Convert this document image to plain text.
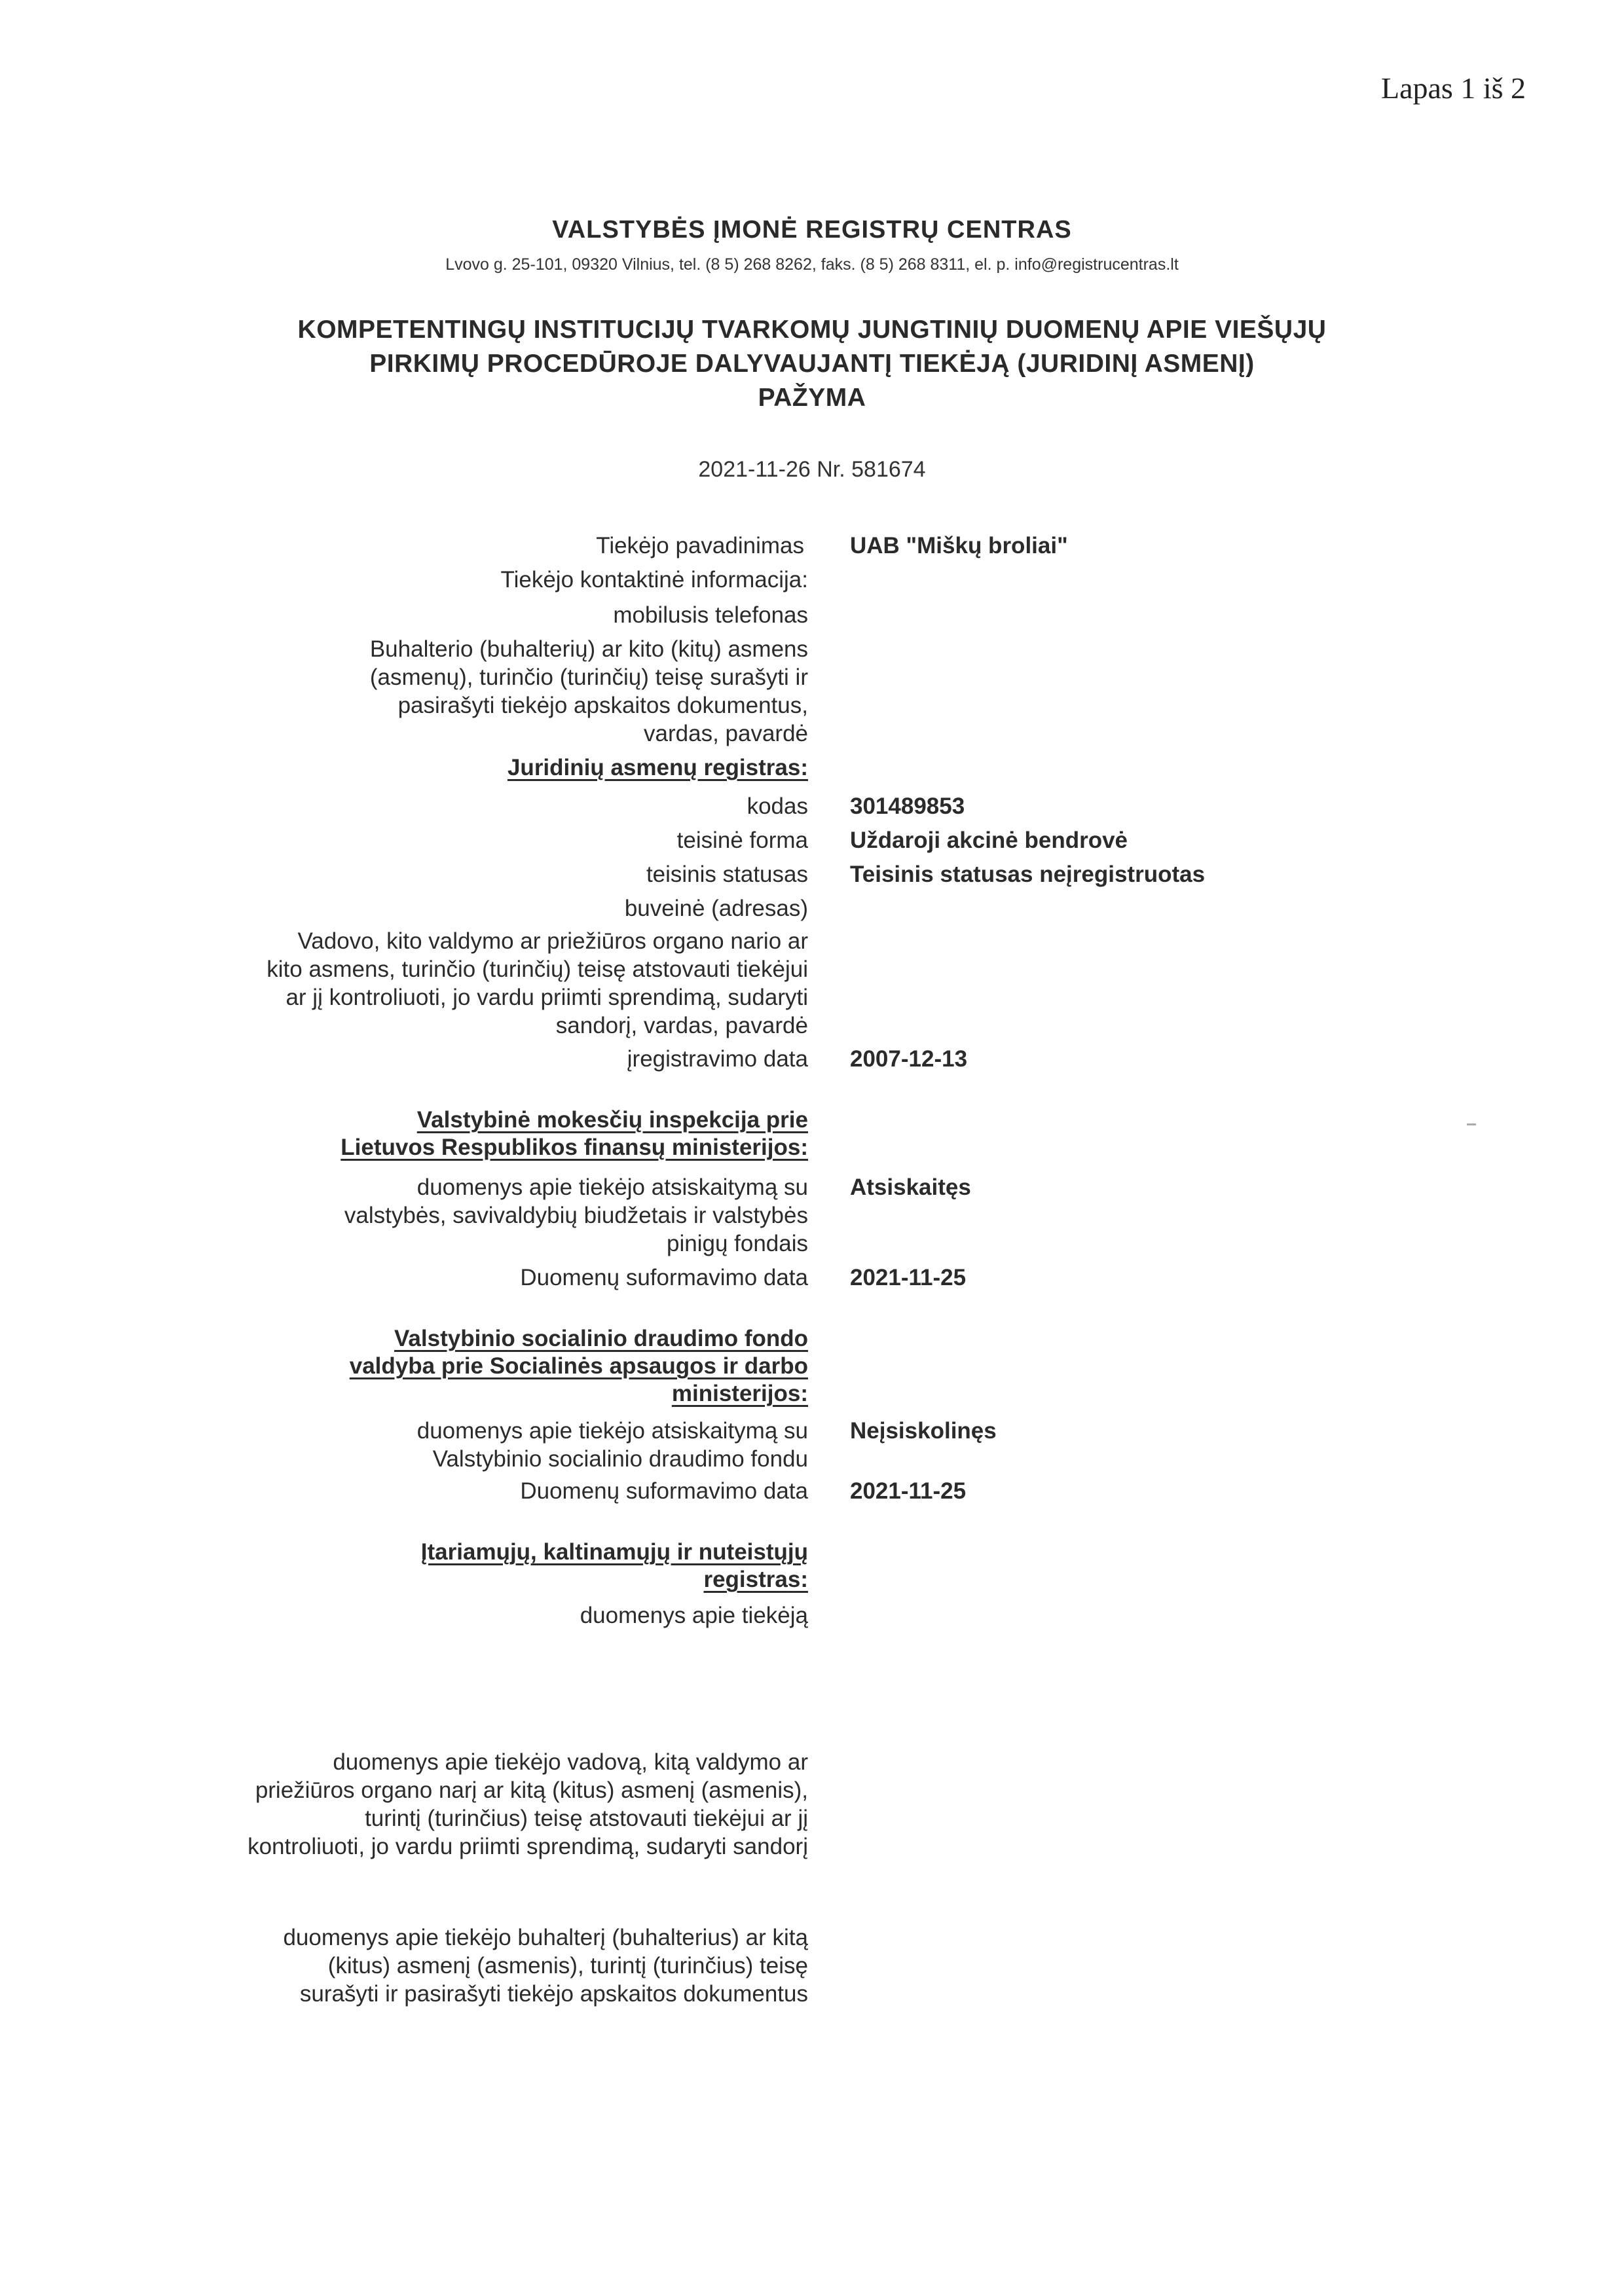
Lapas 1 iš 2
VALSTYBĖS ĮMONĖ REGISTRŲ CENTRAS
Lvovo g. 25-101, 09320 Vilnius, tel. (8 5) 268 8262, faks. (8 5) 268 8311, el. p. info@registrucentras.lt
KOMPETENTINGŲ INSTITUCIJŲ TVARKOMŲ JUNGTINIŲ DUOMENŲ APIE VIEŠŲJŲ
PIRKIMŲ PROCEDŪROJE DALYVAUJANTĮ TIEKĖJĄ (JURIDINĮ ASMENĮ)
PAŽYMA
2021-11-26 Nr. 581674
Tiekėjo pavadinimas UAB "Miškų broliai"
Tiekėjo kontaktinė informacija:
mobilusis telefonas
Buhalterio (buhalterių) ar kito (kitų) asmens (asmenų), turinčio (turinčių) teisę surašyti ir pasirašyti tiekėjo apskaitos dokumentus, vardas, pavardė
Juridinių asmenų registras:
kodas 301489853
teisinė forma Uždaroji akcinė bendrovė
teisinis statusas Teisinis statusas neįregistruotas
buveinė (adresas)
Vadovo, kito valdymo ar priežiūros organo nario ar kito asmens, turinčio (turinčių) teisę atstovauti tiekėjui ar jį kontroliuoti, jo vardu priimti sprendimą, sudaryti sandorį, vardas, pavardė
įregistravimo data 2007-12-13
Valstybinė mokesčių inspekcija prie
Lietuvos Respublikos finansų ministerijos:
duomenys apie tiekėjo atsiskaitymą su valstybės, savivaldybių biudžetais ir valstybės pinigų fondais
Atsiskaitęs
Duomenų suformavimo data 2021-11-25
Valstybinio socialinio draudimo fondo
valdyba prie Socialinės apsaugos ir darbo
ministerijos:
duomenys apie tiekėjo atsiskaitymą su Valstybinio socialinio draudimo fondu
Neįsiskolinęs
Duomenų suformavimo data 2021-11-25
Įtariamųjų, kaltinamųjų ir nuteistųjų
registras:
duomenys apie tiekėją
duomenys apie tiekėjo vadovą, kitą valdymo ar priežiūros organo narį ar kitą (kitus) asmenį (asmenis), turintį (turinčius) teisę atstovauti tiekėjui ar jį kontroliuoti, jo vardu priimti sprendimą, sudaryti sandorį
duomenys apie tiekėjo buhalterį (buhalterius) ar kitą (kitus) asmenį (asmenis), turintį (turinčius) teisę surašyti ir pasirašyti tiekėjo apskaitos dokumentus
